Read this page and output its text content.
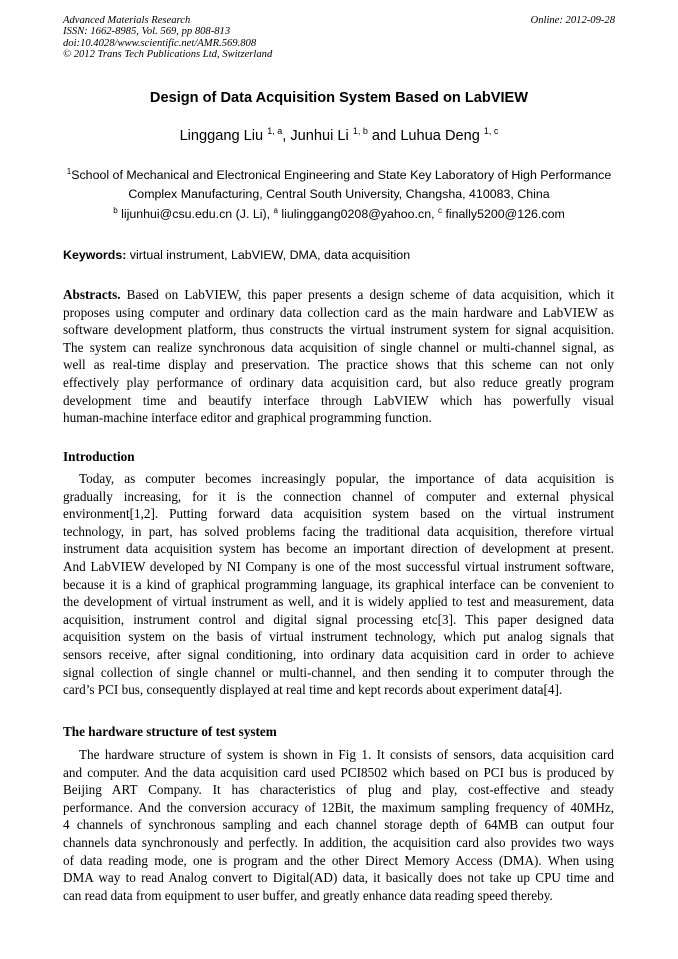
Advanced Materials Research
ISSN: 1662-8985, Vol. 569, pp 808-813
doi:10.4028/www.scientific.net/AMR.569.808
© 2012 Trans Tech Publications Ltd, Switzerland
Online: 2012-09-28
Design of Data Acquisition System Based on LabVIEW
Linggang Liu $^{1, a}$, Junhui Li $^{1, b}$ and Luhua Deng $^{1, c}$
$^1$School of Mechanical and Electronical Engineering and State Key Laboratory of High Performance
Complex Manufacturing, Central South University, Changsha, 410083, China
$^b$ lijunhui@csu.edu.cn (J. Li), $^a$ liulinggang0208@yahoo.cn, $^c$ finally5200@126.com
Keywords: virtual instrument, LabVIEW, DMA, data acquisition
Abstracts. Based on LabVIEW, this paper presents a design scheme of data acquisition, which it
proposes using computer and ordinary data collection card as the main hardware and LabVIEW as
software development platform, thus constructs the virtual instrument system for signal acquisition.
The system can realize synchronous data acquisition of single channel or multi-channel signal, as
well as real-time display and preservation. The practice shows that this scheme can not only
effectively play performance of ordinary data acquisition card, but also reduce greatly program
development time and beautify interface through LabVIEW which has powerfully visual
human-machine interface editor and graphical programming function.
Introduction
Today, as computer becomes increasingly popular, the importance of data acquisition is
gradually increasing, for it is the connection channel of computer and external physical
environment[1,2]. Putting forward data acquisition system based on the virtual instrument
technology, in part, has solved problems facing the traditional data acquisition, therefore virtual
instrument data acquisition system has become an important direction of development at present.
And LabVIEW developed by NI Company is one of the most successful virtual instrument software,
because it is a kind of graphical programming language, its graphical interface can be convenient to
the development of virtual instrument as well, and it is widely applied to test and measurement, data
acquisition, instrument control and digital signal processing etc[3]. This paper designed data
acquisition system on the basis of virtual instrument technology, which put analog signals that
sensors receive, after signal conditioning, into ordinary data acquisition card in order to achieve
signal collection of single channel or multi-channel, and then sending it to computer through the
card’s PCI bus, consequently displayed at real time and kept records about experiment data[4].
The hardware structure of test system
The hardware structure of system is shown in Fig 1. It consists of sensors, data acquisition card
and computer. And the data acquisition card used PCI8502 which based on PCI bus is produced by
Beijing ART Company. It has characteristics of plug and play, cost-effective and steady
performance. And the conversion accuracy of 12Bit, the maximum sampling frequency of 40MHz,
4 channels of synchronous sampling and each channel storage depth of 64MB can output four
channels data synchronously and perfectly. In addition, the acquisition card also provides two ways
of data reading mode, one is program and the other Direct Memory Access (DMA). When using
DMA way to read Analog convert to Digital(AD) data, it basically does not take up CPU time and
can read data from equipment to user buffer, and greatly enhance data reading speed thereby.
